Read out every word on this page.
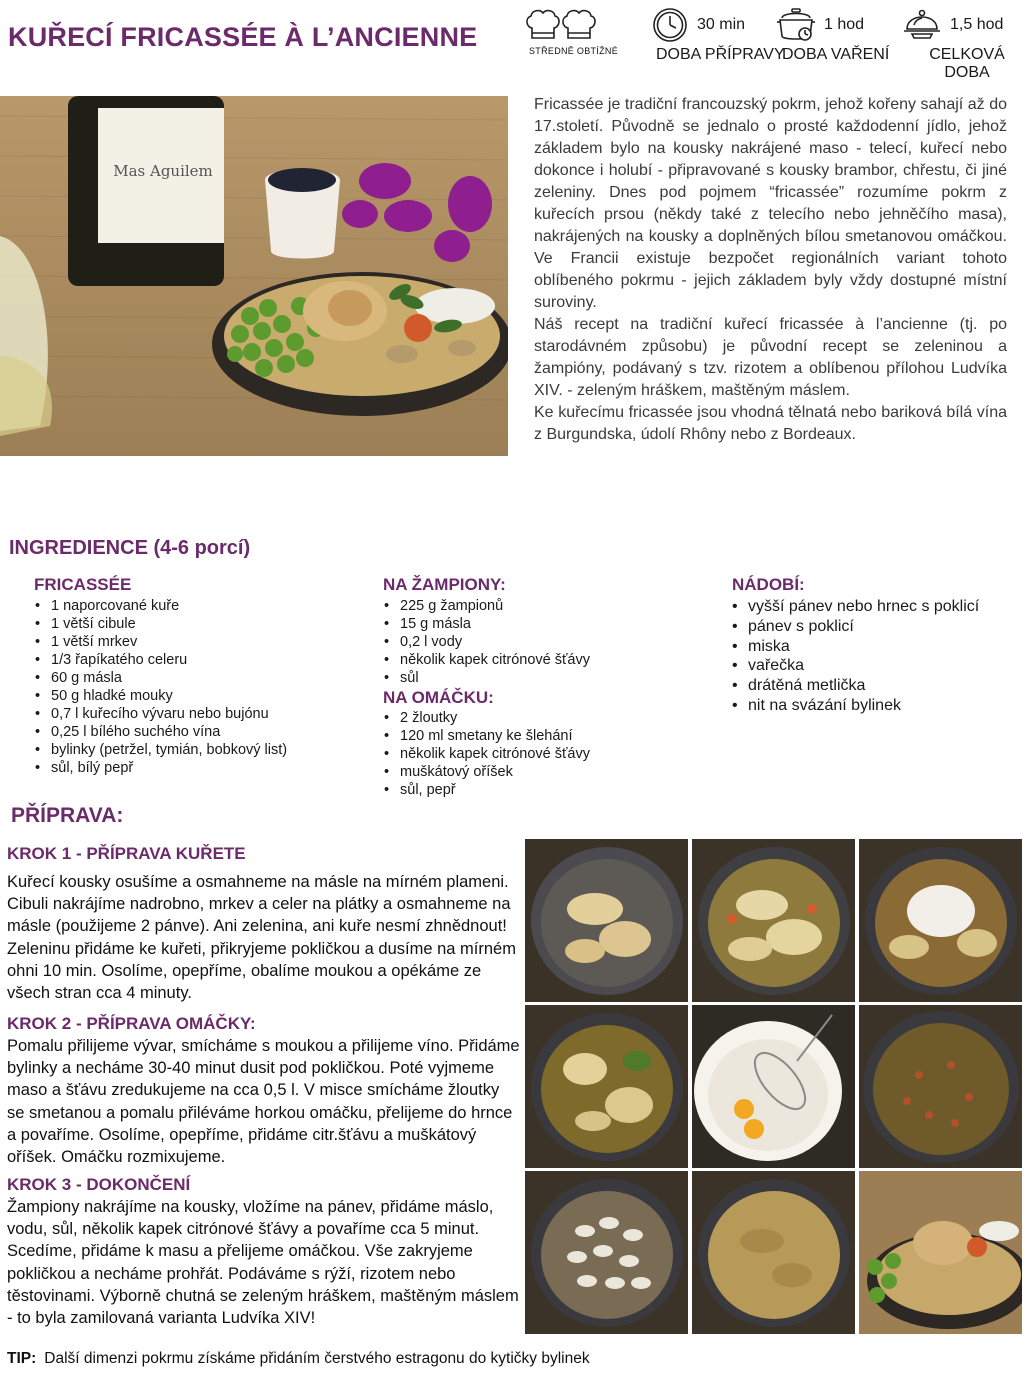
KUŘECÍ FRICASSÉE À L’ANCIENNE	STŘEDNĚ OBTÍŽNÉ
30 min
DOBA PŘÍPRAVY
1 hod
DOBA VAŘENÍ
1,5 hod
CELKOVÁ DOBA
Mas Aguilem

Fricassée je tradiční francouzský pokrm, jehož kořeny sahají až do 17.století. Původně se jednalo o prosté každodenní jídlo, jehož základem bylo na kousky nakrájené maso - telecí, kuřecí nebo dokonce i holubí - připravované s kousky brambor, chřestu, či jiné zeleniny. Dnes pod pojmem “fricassée” rozumíme pokrm z kuřecích prsou (někdy také z telecího nebo jehněčího masa), nakrájených na kousky a doplněných bílou smetanovou omáčkou. Ve Francii existuje bezpočet regionálních variant tohoto oblíbeného pokrmu - jejich základem byly vždy dostupné místní suroviny.

Náš recept na tradiční kuřecí fricassée à l’ancienne (tj. po starodávném způsobu) je původní recept se zeleninou a žampióny, podávaný s tzv. rizotem a oblíbenou přílohou Ludvíka XIV. - zeleným hráškem, maštěným máslem.

Ke kuřecímu fricassée jsou vhodná tělnatá nebo bariková bílá vína z Burgundska, údolí Rhôny nebo z Bordeaux.

INGREDIENCE (4-6 porcí)
FRICASSÉE
• 1 naporcované kuře
• 1 větší cibule
• 1 větší mrkev
• 1/3 řapíkatého celeru
• 60 g másla
• 50 g hladké mouky
• 0,7 l kuřecího vývaru nebo bujónu
• 0,25 l bílého suchého vína
• bylinky (petržel, tymián, bobkový list)
• sůl, bílý pepř
NA ŽAMPIONY:
• 225 g žampionů
• 15 g másla
• 0,2 l vody
• několik kapek citrónové šťávy
• sůl
NA OMÁČKU:
• 2 žloutky
• 120 ml smetany ke šlehání
• několik kapek citrónové šťávy
• muškátový oříšek
• sůl, pepř
NÁDOBÍ:
• vyšší pánev nebo hrnec s poklicí
• pánev s poklicí
• miska
• vařečka
• drátěná metlička
• nit na svázání bylinek
PŘÍPRAVA:
KROK 1 - PŘÍPRAVA KUŘETE

Kuřecí kousky osušíme a osmahneme na másle na mírném plameni. Cibuli nakrájíme nadrobno, mrkev a celer na plátky a osmahneme na másle (použijeme 2 pánve). Ani zelenina, ani kuře nesmí zhnědnout! Zeleninu přidáme ke kuřeti, přikryjeme pokličkou a dusíme na mírném ohni 10 min. Osolíme, opepříme, obalíme moukou a opékáme ze všech stran cca 4 minuty.

KROK 2 - PŘÍPRAVA OMÁČKY:

Pomalu přilijeme vývar, smícháme s moukou a přilijeme víno. Přidáme bylinky a necháme 30-40 minut dusit pod pokličkou. Poté vyjmeme maso a šťávu zredukujeme na cca 0,5 l. V misce smícháme žloutky se smetanou a pomalu přiléváme horkou omáčku, přelijeme do hrnce a povaříme. Osolíme, opepříme, přidáme citr.šťávu a muškátový oříšek. Omáčku rozmixujeme.

KROK 3 - DOKONČENÍ

Žampiony nakrájíme na kousky, vložíme na pánev, přidáme máslo, vodu, sůl, několik kapek citrónové šťávy a povaříme cca 5 minut. Scedíme, přidáme k masu a přelijeme omáčkou. Vše zakryjeme pokličkou a necháme prohřát. Podáváme s rýží, rizotem nebo těstovinami. Výborně chutná se zeleným hráškem, maštěným máslem - to byla zamilovaná varianta Ludvíka XIV!

TIP: Další dimenzi pokrmu získáme přidáním čerstvého estragonu do kytičky bylinek
